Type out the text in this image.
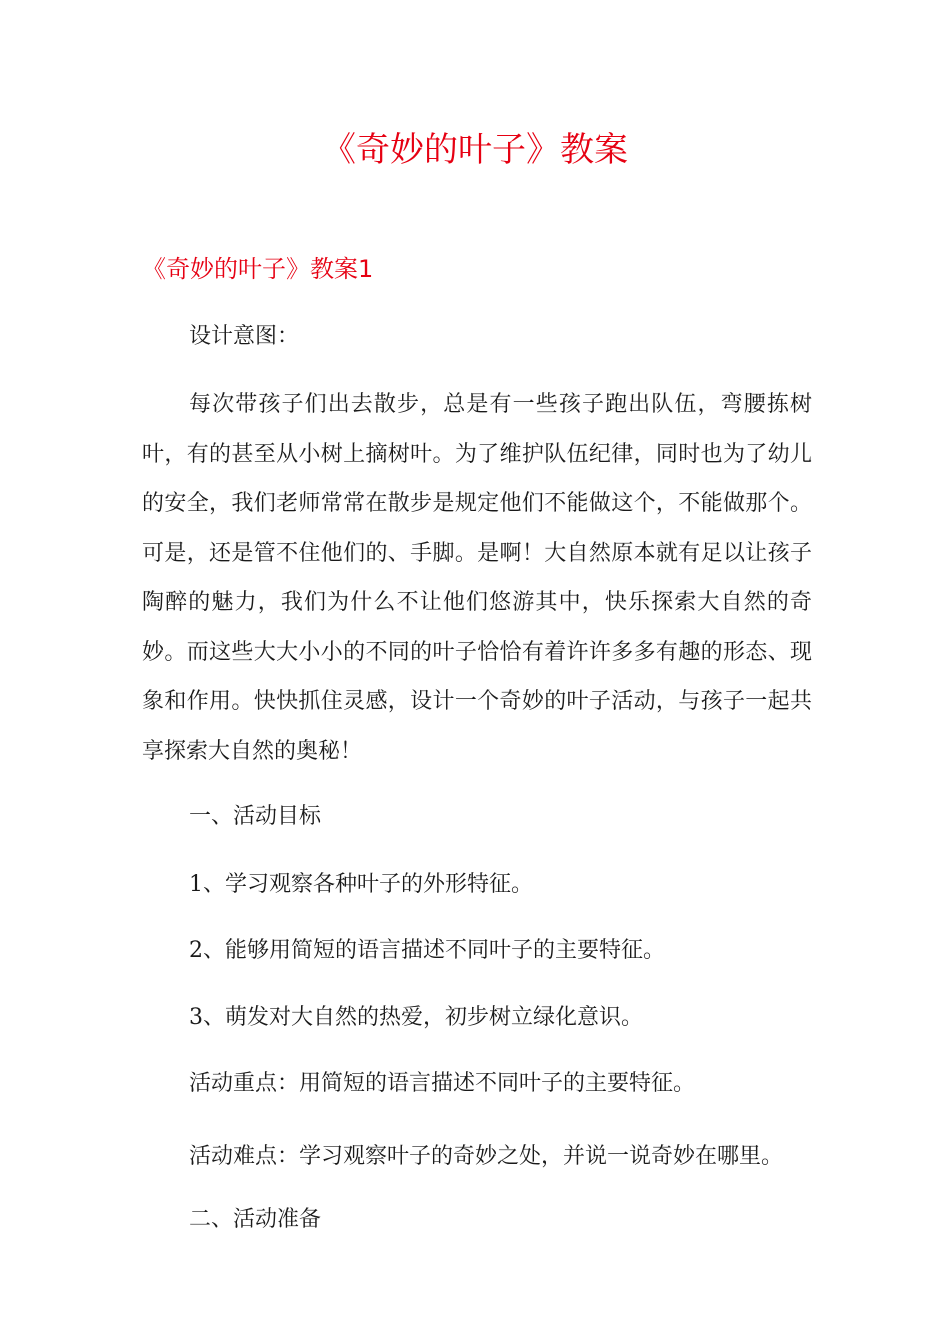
《奇妙的叶子》教案
《奇妙的叶子》教案1
设计意图：
每次带孩子们出去散步，总是有一些孩子跑出队伍，弯腰拣树叶，有的甚至从小树上摘树叶。为了维护队伍纪律，同时也为了幼儿的安全，我们老师常常在散步是规定他们不能做这个，不能做那个。可是，还是管不住他们的、手脚。是啊！大自然原本就有足以让孩子陶醉的魅力，我们为什么不让他们悠游其中，快乐探索大自然的奇妙。而这些大大小小的不同的叶子恰恰有着许许多多有趣的形态、现象和作用。快快抓住灵感，设计一个奇妙的叶子活动，与孩子一起共享探索大自然的奥秘！
一、活动目标
1、学习观察各种叶子的外形特征。
2、能够用简短的语言描述不同叶子的主要特征。
3、萌发对大自然的热爱，初步树立绿化意识。
活动重点：用简短的语言描述不同叶子的主要特征。
活动难点：学习观察叶子的奇妙之处，并说一说奇妙在哪里。
二、活动准备
